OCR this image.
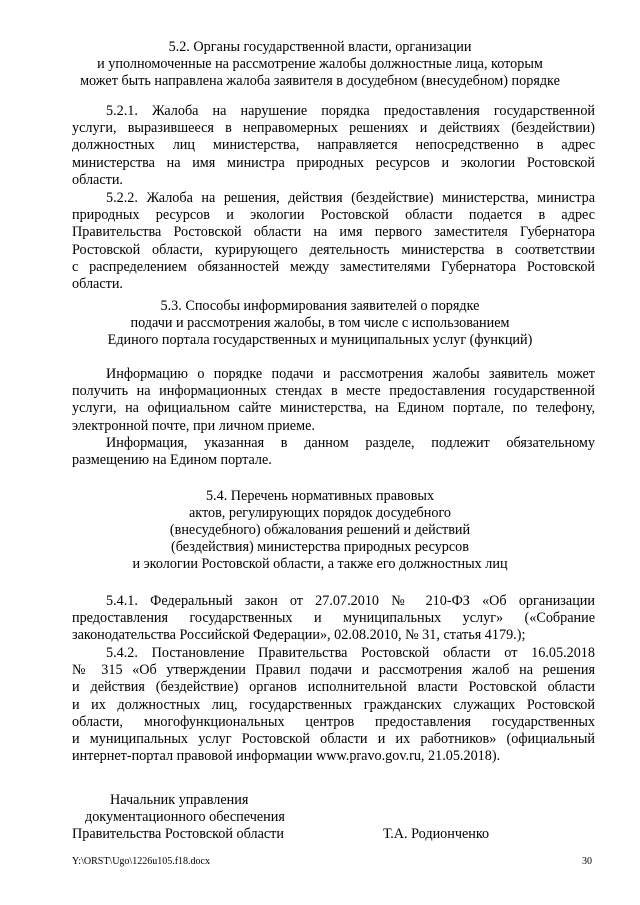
5.2. Органы государственной власти, организации
и уполномоченные на рассмотрение жалобы должностные лица, которым
может быть направлена жалоба заявителя в досудебном (внесудебном) порядке
5.2.1. Жалоба на нарушение порядка предоставления государственной
услуги, выразившееся в неправомерных решениях и действиях (бездействии)
должностных лиц министерства, направляется непосредственно в адрес
министерства на имя министра природных ресурсов и экологии Ростовской
области.
5.2.2. Жалоба на решения, действия (бездействие) министерства, министра
природных ресурсов и экологии Ростовской области подается в адрес
Правительства Ростовской области на имя первого заместителя Губернатора
Ростовской области, курирующего деятельность министерства в соответствии
с распределением обязанностей между заместителями Губернатора Ростовской
области.
5.3. Способы информирования заявителей о порядке
подачи и рассмотрения жалобы, в том числе с использованием
Единого портала государственных и муниципальных услуг (функций)
Информацию о порядке подачи и рассмотрения жалобы заявитель может
получить на информационных стендах в месте предоставления государственной
услуги, на официальном сайте министерства, на Едином портале, по телефону,
электронной почте, при личном приеме.
Информация, указанная в данном разделе, подлежит обязательному
размещению на Едином портале.
5.4. Перечень нормативных правовых
актов, регулирующих порядок досудебного
(внесудебного) обжалования решений и действий
(бездействия) министерства природных ресурсов
и экологии Ростовской области, а также его должностных лиц
5.4.1. Федеральный закон от 27.07.2010 № 210-ФЗ «Об организации
предоставления государственных и муниципальных услуг» («Собрание
законодательства Российской Федерации», 02.08.2010, № 31, статья 4179.);
5.4.2. Постановление Правительства Ростовской области от 16.05.2018
№ 315 «Об утверждении Правил подачи и рассмотрения жалоб на решения
и действия (бездействие) органов исполнительной власти Ростовской области
и их должностных лиц, государственных гражданских служащих Ростовской
области, многофункциональных центров предоставления государственных
и муниципальных услуг Ростовской области и их работников» (официальный
интернет-портал правовой информации www.pravo.gov.ru, 21.05.2018).
Начальник управления
документационного обеспечения
Правительства Ростовской области	Т.А. Родионченко
Y:\ORST\Ugo\1226u105.f18.docx	30
